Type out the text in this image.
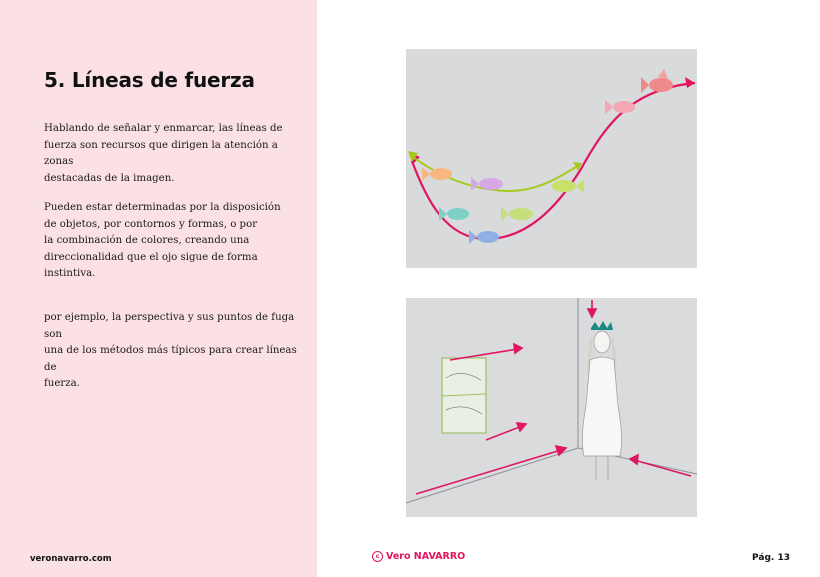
5. Líneas de fuerza

Hablando de señalar y enmarcar, las líneas de
fuerza son recursos que dirigen la atención a zonas
destacadas de la imagen.

Pueden estar determinadas por la disposición
de objetos, por contornos y formas, o por
la combinación de colores, creando una
direccionalidad que el ojo sigue de forma instintiva.

por ejemplo, la perspectiva y sus puntos de fuga son
una de los métodos más típicos para crear líneas de
fuerza.

veronavarro.com	c Vero NAVARRO	Pág. 13
